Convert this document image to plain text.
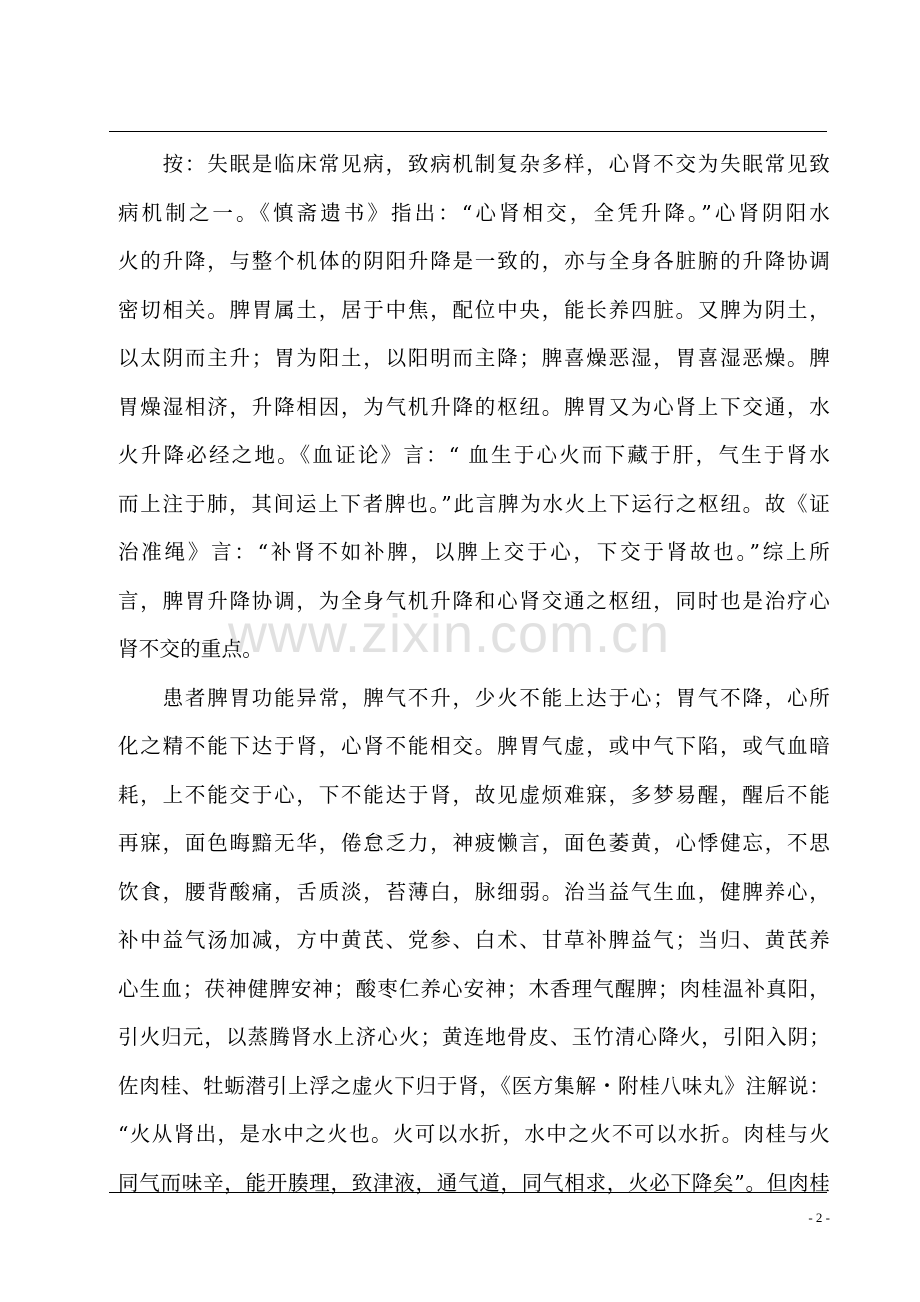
　　按：失眠是临床常见病，致病机制复杂多样，心肾不交为失眠常见致
病机制之一。《慎斋遗书》指出：“心肾相交，全凭升降。”心肾阴阳水
火的升降，与整个机体的阴阳升降是一致的，亦与全身各脏腑的升降协调
密切相关。脾胃属土，居于中焦，配位中央，能长养四脏。又脾为阴土，
以太阴而主升；胃为阳土，以阳明而主降；脾喜燥恶湿，胃喜湿恶燥。脾
胃燥湿相济，升降相因，为气机升降的枢纽。脾胃又为心肾上下交通，水
火升降必经之地。《血证论》言：“ 血生于心火而下藏于肝，气生于肾水
而上注于肺，其间运上下者脾也。”此言脾为水火上下运行之枢纽。故《证
治准绳》言：“补肾不如补脾，以脾上交于心，下交于肾故也。”综上所
言，脾胃升降协调，为全身气机升降和心肾交通之枢纽，同时也是治疗心
肾不交的重点。
　　患者脾胃功能异常，脾气不升，少火不能上达于心；胃气不降，心所
化之精不能下达于肾，心肾不能相交。脾胃气虚，或中气下陷，或气血暗
耗，上不能交于心，下不能达于肾，故见虚烦难寐，多梦易醒，醒后不能
再寐，面色晦黯无华，倦怠乏力，神疲懒言，面色萎黄，心悸健忘，不思
饮食，腰背酸痛，舌质淡，苔薄白，脉细弱。治当益气生血，健脾养心，
补中益气汤加减，方中黄芪、党参、白术、甘草补脾益气；当归、黄芪养
心生血；茯神健脾安神；酸枣仁养心安神；木香理气醒脾；肉桂温补真阳，
引火归元，以蒸腾肾水上济心火；黄连地骨皮、玉竹清心降火，引阳入阴；
佐肉桂、牡蛎潜引上浮之虚火下归于肾，《医方集解・附桂八味丸》注解说：
“火从肾出，是水中之火也。火可以水折，水中之火不可以水折。肉桂与火
同气而味辛，能开腠理，致津液，通气道，同气相求，火必下降矣”。但肉桂
www.zixin.com.cn
- 2 -
